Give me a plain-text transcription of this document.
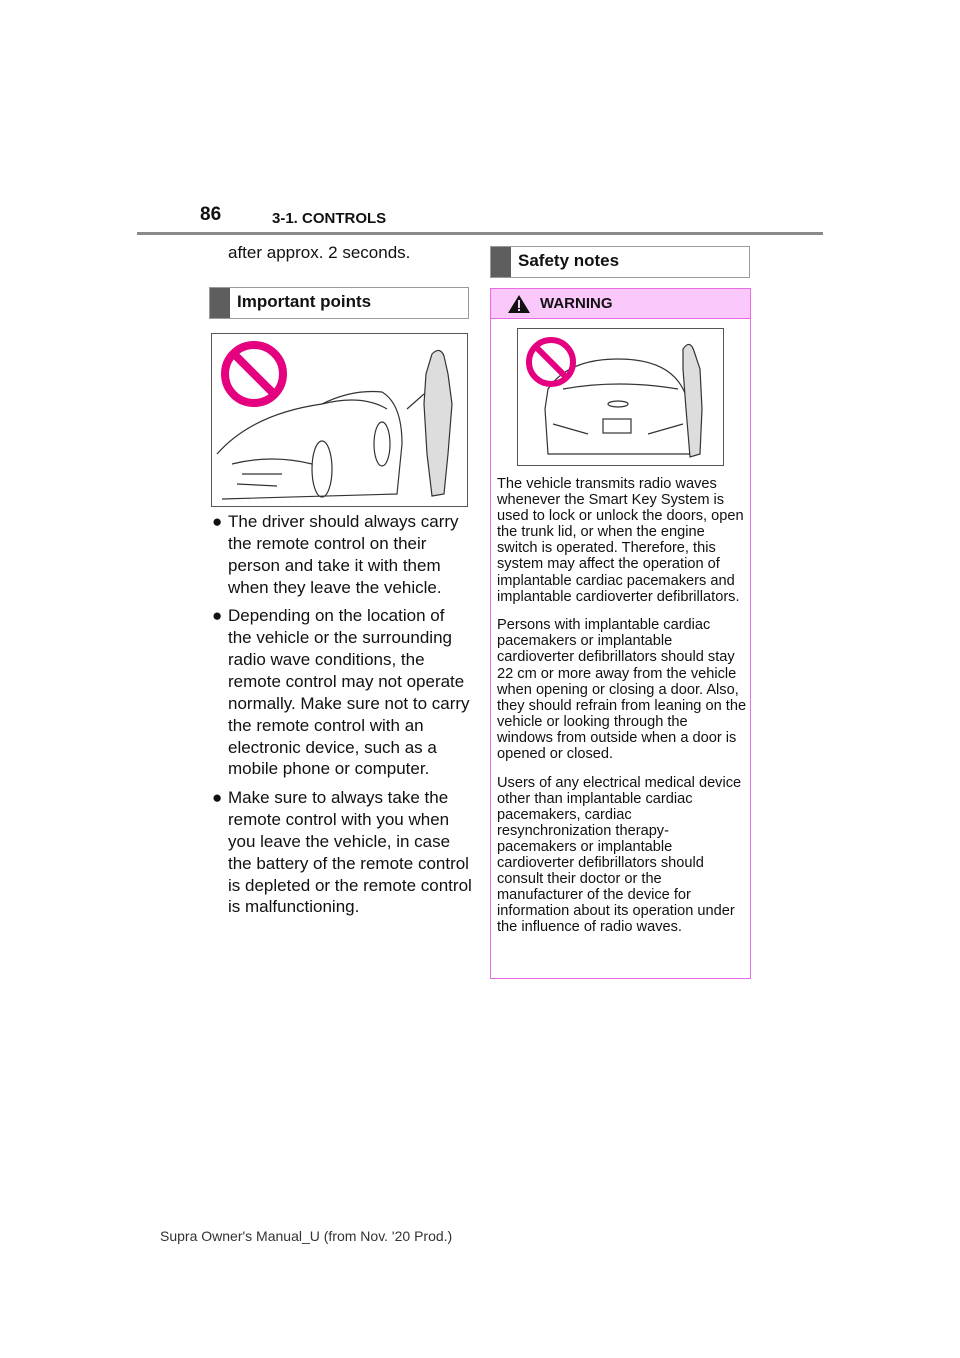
86	3-1. CONTROLS
after approx. 2 seconds.
Important points
● The driver should always carry the remote control on their person and take it with them when they leave the vehicle.
● Depending on the location of the vehicle or the surrounding radio wave conditions, the remote control may not operate normally. Make sure not to carry the remote control with an electronic device, such as a mobile phone or computer.
● Make sure to always take the remote control with you when you leave the vehicle, in case the battery of the remote control is depleted or the remote control is malfunctioning.
Safety notes
WARNING

The vehicle transmits radio waves whenever the Smart Key System is used to lock or unlock the doors, open the trunk lid, or when the engine switch is operated. Therefore, this system may affect the operation of implantable cardiac pacemakers and implantable cardioverter defibrillators.

Persons with implantable cardiac pacemakers or implantable cardioverter defibrillators should stay 22 cm or more away from the vehicle when opening or closing a door. Also, they should refrain from leaning on the vehicle or looking through the windows from outside when a door is opened or closed.

Users of any electrical medical device other than implantable cardiac pacemakers, cardiac resynchronization therapy-pacemakers or implantable cardioverter defibrillators should consult their doctor or the manufacturer of the device for information about its operation under the influence of radio waves.

Supra Owner's Manual_U (from Nov. '20 Prod.)
